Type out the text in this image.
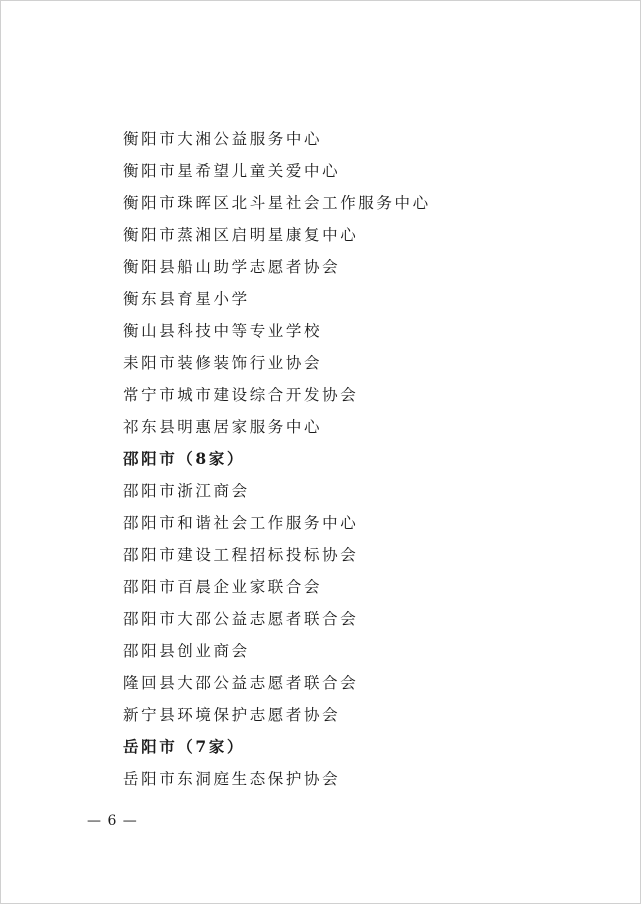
衡阳市大湘公益服务中心
衡阳市星希望儿童关爱中心
衡阳市珠晖区北斗星社会工作服务中心
衡阳市蒸湘区启明星康复中心
衡阳县船山助学志愿者协会
衡东县育星小学
衡山县科技中等专业学校
耒阳市装修装饰行业协会
常宁市城市建设综合开发协会
祁东县明惠居家服务中心
邵阳市（8家）
邵阳市浙江商会
邵阳市和谐社会工作服务中心
邵阳市建设工程招标投标协会
邵阳市百晨企业家联合会
邵阳市大邵公益志愿者联合会
邵阳县创业商会
隆回县大邵公益志愿者联合会
新宁县环境保护志愿者协会
岳阳市（7家）
岳阳市东洞庭生态保护协会
— 6 —
